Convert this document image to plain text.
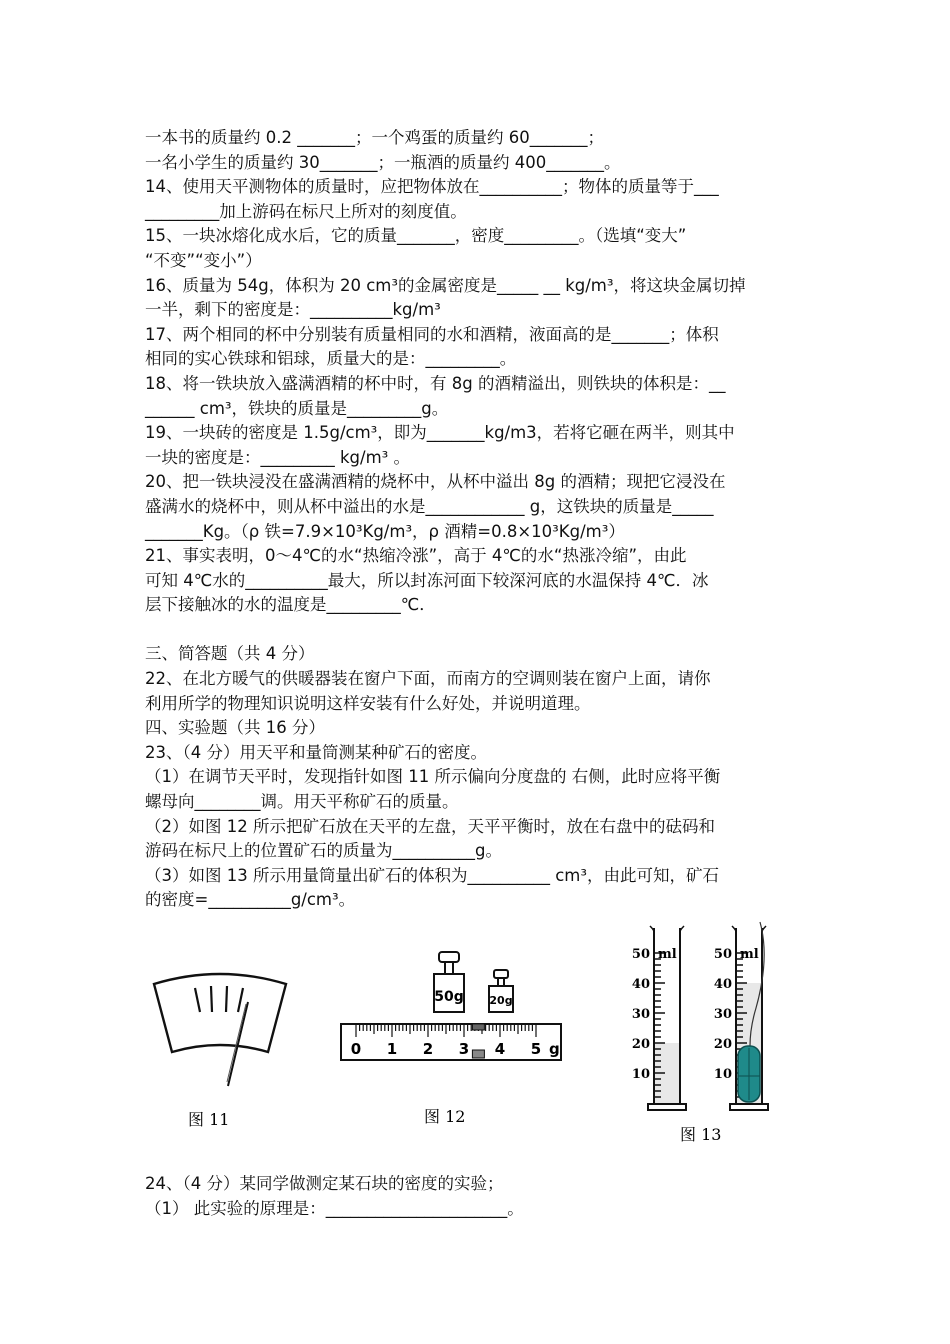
一本书的质量约 0.2 _______；一个鸡蛋的质量约 60_______；
一名小学生的质量约 30_______；一瓶酒的质量约 400_______。
14、使用天平测物体的质量时，应把物体放在__________；物体的质量等于___
_________加上游码在标尺上所对的刻度值。
15、一块冰熔化成水后，它的质量_______，密度_________。（选填“变大”
“不变”“变小”）
16、质量为 54g，体积为 20 cm³的金属密度是_____ __ kg/m³，将这块金属切掉
一半，剩下的密度是：__________kg/m³
17、两个相同的杯中分别装有质量相同的水和酒精，液面高的是_______；体积
相同的实心铁球和铝球，质量大的是：_________。
18、将一铁块放入盛满酒精的杯中时，有 8g 的酒精溢出，则铁块的体积是：__
______ cm³，铁块的质量是_________g。
19、一块砖的密度是 1.5g/cm³，即为_______kg/m3，若将它砸在两半，则其中
一块的密度是：_________ kg/m³ 。
20、把一铁块浸没在盛满酒精的烧杯中，从杯中溢出 8g 的酒精；现把它浸没在
盛满水的烧杯中，则从杯中溢出的水是____________ g，这铁块的质量是_____
_______Kg。（ρ 铁=7.9×10³Kg/m³，ρ 酒精=0.8×10³Kg/m³）
21、事实表明，0～4℃的水“热缩冷涨”，高于 4℃的水“热涨冷缩”，由此
可知 4℃水的__________最大，所以封冻河面下较深河底的水温保持 4℃．冰
层下接触冰的水的温度是_________℃．
三、简答题（共 4 分）
22、在北方暖气的供暖器装在窗户下面，而南方的空调则装在窗户上面，请你
利用所学的物理知识说明这样安装有什么好处，并说明道理。
四、实验题（共 16 分）
23、（4 分）用天平和量筒测某种矿石的密度。
（1）在调节天平时，发现指针如图 11 所示偏向分度盘的 右侧，此时应将平衡
螺母向________调。用天平称矿石的质量。
（2）如图 12 所示把矿石放在天平的左盘，天平平衡时，放在右盘中的砝码和
游码在标尺上的位置矿石的质量为__________g。
（3）如图 13 所示用量筒量出矿石的体积为__________ cm³，由此可知，矿石
的密度=__________g/cm³。
图 11
50g 20g
0 1 2 3 4 5 g
图 12
50
40
30
20
10
ml	50
40
30
20
10
ml
图 13
24、（4 分）某同学做测定某石块的密度的实验；
（1） 此实验的原理是：______________________。
